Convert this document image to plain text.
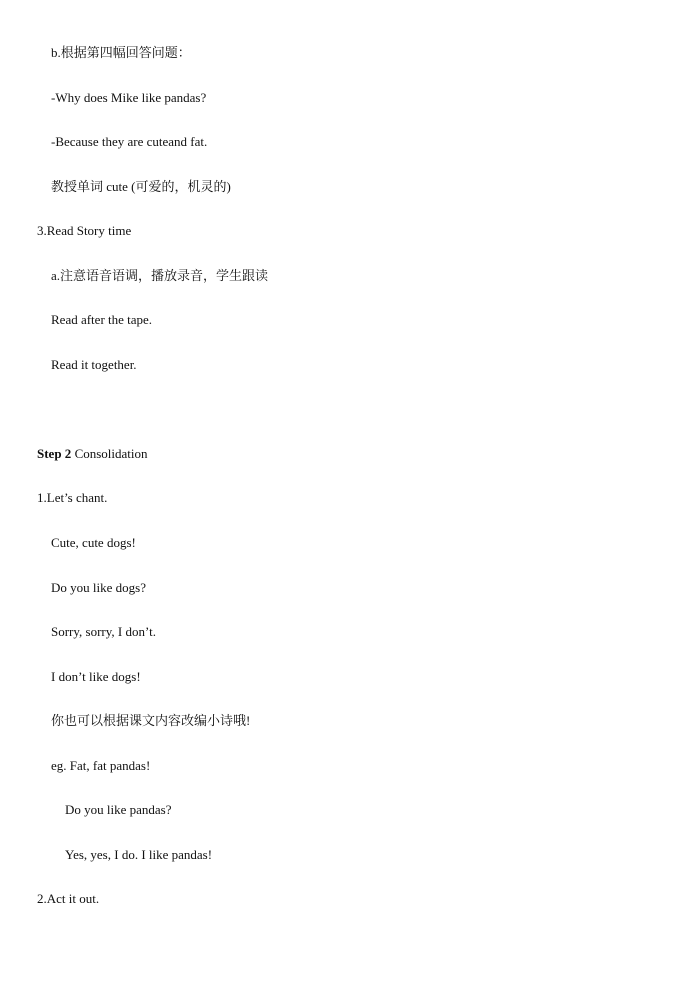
b.根据第四幅回答问题：
-Why does Mike like pandas?
-Because they are cuteand fat.
教授单词 cute (可爱的，机灵的)
3.Read Story time
a.注意语音语调，播放录音，学生跟读
Read after the tape.
Read it together.
Step 2 Consolidation
1.Let’s chant.
Cute, cute dogs!
Do you like dogs?
Sorry, sorry, I don’t.
I don’t like dogs!
你也可以根据课文内容改编小诗哦!
eg. Fat, fat pandas!
Do you like pandas?
Yes, yes, I do. I like pandas!
2.Act it out.
